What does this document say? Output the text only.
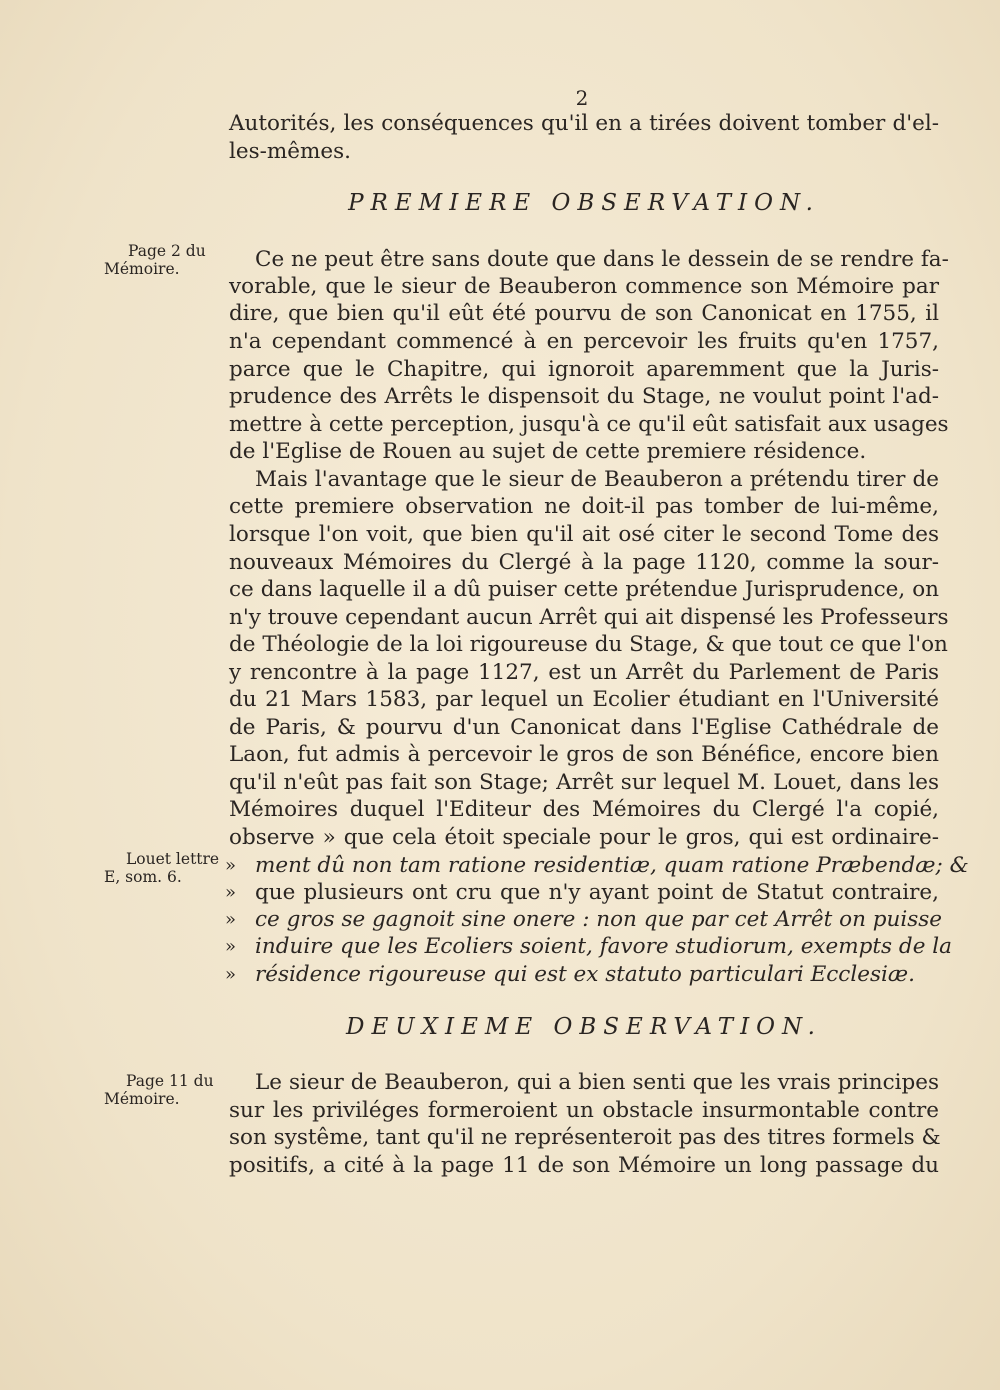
2
Autorités, les conséquences qu'il en a tirées doivent tomber d'el-
les-mêmes.
PREMIERE OBSERVATION.
Page 2 du
Mémoire.	Ce ne peut être sans doute que dans le dessein de se rendre fa-
vorable, que le sieur de Beauberon commence son Mémoire par
dire, que bien qu'il eût été pourvu de son Canonicat en 1755, il
n'a cependant commencé à en percevoir les fruits qu'en 1757,
parce que le Chapitre, qui ignoroit aparemment que la Juris-
prudence des Arrêts le dispensoit du Stage, ne voulut point l'ad-
mettre à cette perception, jusqu'à ce qu'il eût satisfait aux usages
de l'Eglise de Rouen au sujet de cette premiere résidence.
Mais l'avantage que le sieur de Beauberon a prétendu tirer de
cette premiere observation ne doit-il pas tomber de lui-même,
lorsque l'on voit, que bien qu'il ait osé citer le second Tome des
nouveaux Mémoires du Clergé à la page 1120, comme la sour-
ce dans laquelle il a dû puiser cette prétendue Jurisprudence, on
n'y trouve cependant aucun Arrêt qui ait dispensé les Professeurs
de Théologie de la loi rigoureuse du Stage, & que tout ce que l'on
y rencontre à la page 1127, est un Arrêt du Parlement de Paris
du 21 Mars 1583, par lequel un Ecolier étudiant en l'Université
de Paris, & pourvu d'un Canonicat dans l'Eglise Cathédrale de
Laon, fut admis à percevoir le gros de son Bénéfice, encore bien
qu'il n'eût pas fait son Stage; Arrêt sur lequel M. Louet, dans les
Mémoires duquel l'Editeur des Mémoires du Clergé l'a copié,
observe » que cela étoit speciale pour le gros, qui est ordinaire-
Louet lettre
E, som. 6.
» ment dû non tam ratione residentiæ, quam ratione Præbendæ; &
» que plusieurs ont cru que n'y ayant point de Statut contraire,
» ce gros se gagnoit sine onere : non que par cet Arrêt on puisse
» induire que les Ecoliers soient, favore studiorum, exempts de la
» résidence rigoureuse qui est ex statuto particulari Ecclesiæ.
DEUXIEME OBSERVATION.
Page 11 du
Mémoire.
Le sieur de Beauberon, qui a bien senti que les vrais principes
sur les priviléges formeroient un obstacle insurmontable contre
son systême, tant qu'il ne représenteroit pas des titres formels &
positifs, a cité à la page 11 de son Mémoire un long passage du
